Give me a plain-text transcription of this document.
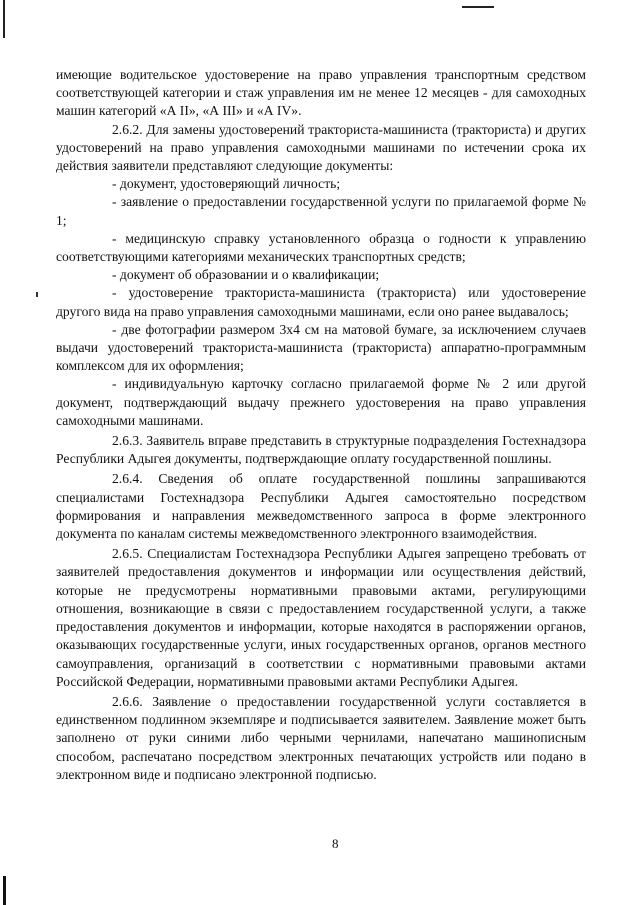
имеющие водительское удостоверение на право управления транспортным средством соответствующей категории и стаж управления им не менее 12 месяцев - для самоходных машин категорий «А II», «А III» и «А IV».

2.6.2. Для замены удостоверений тракториста-машиниста (тракториста) и других удостоверений на право управления самоходными машинами по истечении срока их действия заявители представляют следующие документы:

- документ, удостоверяющий личность;

- заявление о предоставлении государственной услуги по прилагаемой форме № 1;

- медицинскую справку установленного образца о годности к управлению соответствующими категориями механических транспортных средств;

- документ об образовании и о квалификации;

- удостоверение тракториста-машиниста (тракториста) или удостоверение другого вида на право управления самоходными машинами, если оно ранее выдавалось;

- две фотографии размером 3х4 см на матовой бумаге, за исключением случаев выдачи удостоверений тракториста-машиниста (тракториста) аппаратно-программным комплексом для их оформления;

- индивидуальную карточку согласно прилагаемой форме № 2 или другой документ, подтверждающий выдачу прежнего удостоверения на право управления самоходными машинами.

2.6.3. Заявитель вправе представить в структурные подразделения Гостехнадзора Республики Адыгея документы, подтверждающие оплату государственной пошлины.

2.6.4. Сведения об оплате государственной пошлины запрашиваются специалистами Гостехнадзора Республики Адыгея самостоятельно посредством формирования и направления межведомственного запроса в форме электронного документа по каналам системы межведомственного электронного взаимодействия.

2.6.5. Специалистам Гостехнадзора Республики Адыгея запрещено требовать от заявителей предоставления документов и информации или осуществления действий, которые не предусмотрены нормативными правовыми актами, регулирующими отношения, возникающие в связи с предоставлением государственной услуги, а также предоставления документов и информации, которые находятся в распоряжении органов, оказывающих государственные услуги, иных государственных органов, органов местного самоуправления, организаций в соответствии с нормативными правовыми актами Российской Федерации, нормативными правовыми актами Республики Адыгея.

2.6.6. Заявление о предоставлении государственной услуги составляется в единственном подлинном экземпляре и подписывается заявителем. Заявление может быть заполнено от руки синими либо черными чернилами, напечатано машинописным способом, распечатано посредством электронных печатающих устройств или подано в электронном виде и подписано электронной подписью.

8
